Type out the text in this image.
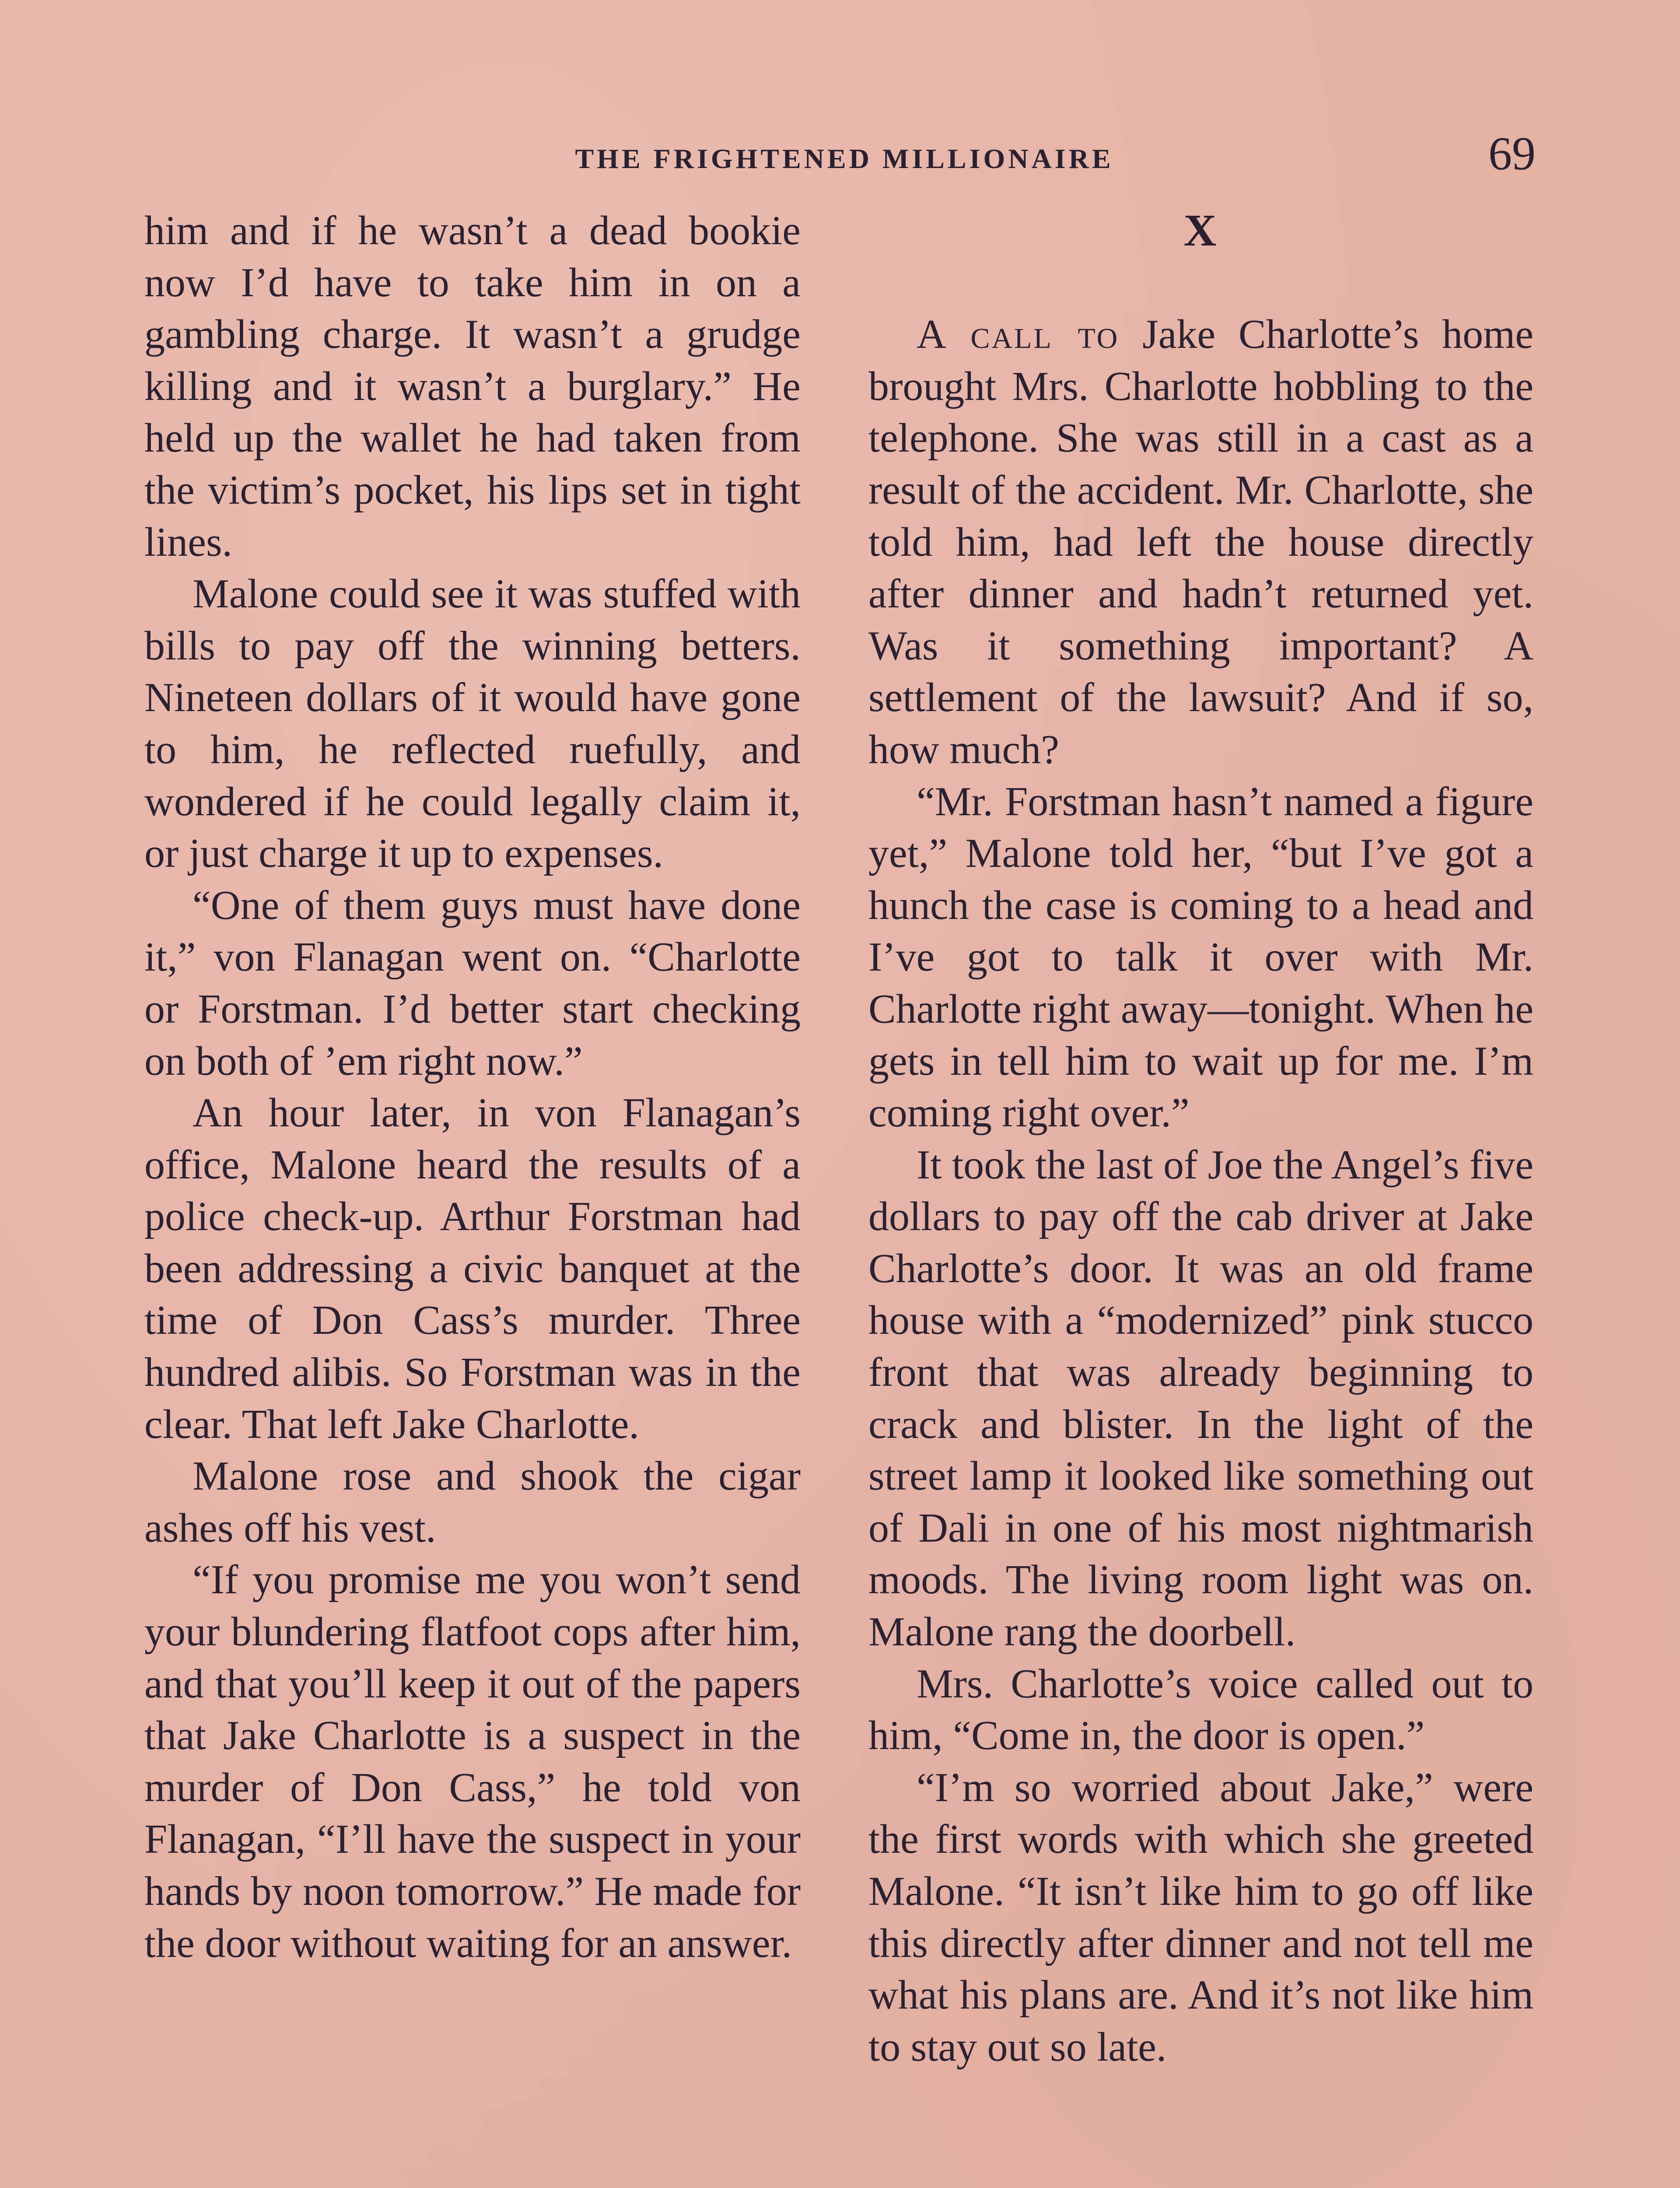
THE FRIGHTENED MILLIONAIRE	69

him and if he wasn’t a dead bookie now I’d have to take him in on a gambling charge. It wasn’t a grudge killing and it wasn’t a burglary.” He held up the wallet he had taken from the victim’s pocket, his lips set in tight lines.

Malone could see it was stuffed with bills to pay off the winning betters. Nineteen dollars of it would have gone to him, he reflected ruefully, and wondered if he could legally claim it, or just charge it up to expenses.

“One of them guys must have done it,” von Flanagan went on. “Charlotte or Forstman. I’d better start checking on both of ’em right now.”

An hour later, in von Flanagan’s office, Malone heard the results of a police check-up. Arthur Forstman had been addressing a civic banquet at the time of Don Cass’s murder. Three hundred alibis. So Forstman was in the clear. That left Jake Charlotte.

Malone rose and shook the cigar ashes off his vest.

“If you promise me you won’t send your blundering flatfoot cops after him, and that you’ll keep it out of the papers that Jake Charlotte is a suspect in the murder of Don Cass,” he told von Flanagan, “I’ll have the suspect in your hands by noon tomorrow.” He made for the door without waiting for an answer.

X

A call to Jake Charlotte’s home brought Mrs. Charlotte hobbling to the telephone. She was still in a cast as a result of the accident. Mr. Charlotte, she told him, had left the house directly after dinner and hadn’t returned yet. Was it something important? A settlement of the lawsuit? And if so, how much?

“Mr. Forstman hasn’t named a figure yet,” Malone told her, “but I’ve got a hunch the case is coming to a head and I’ve got to talk it over with Mr. Charlotte right away—tonight. When he gets in tell him to wait up for me. I’m coming right over.”

It took the last of Joe the Angel’s five dollars to pay off the cab driver at Jake Charlotte’s door. It was an old frame house with a “modernized” pink stucco front that was already beginning to crack and blister. In the light of the street lamp it looked like something out of Dali in one of his most nightmarish moods. The living room light was on. Malone rang the doorbell.

Mrs. Charlotte’s voice called out to him, “Come in, the door is open.”

“I’m so worried about Jake,” were the first words with which she greeted Malone. “It isn’t like him to go off like this directly after dinner and not tell me what his plans are. And it’s not like him to stay out so late.
